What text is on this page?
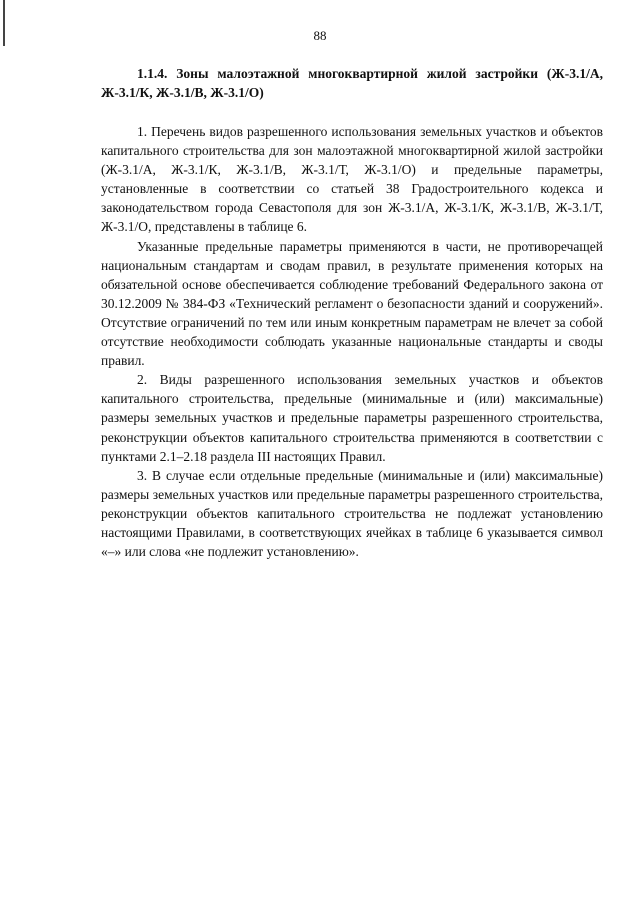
88

1.1.4. Зоны малоэтажной многоквартирной жилой застройки (Ж-3.1/А, Ж-3.1/К, Ж-3.1/В, Ж-3.1/О)

1. Перечень видов разрешенного использования земельных участков и объектов капитального строительства для зон малоэтажной многоквартирной жилой застройки (Ж-3.1/А, Ж-3.1/К, Ж-3.1/В, Ж-3.1/Т, Ж-3.1/О) и предельные параметры, установленные в соответствии со статьей 38 Градостроительного кодекса и законодательством города Севастополя для зон Ж-3.1/А, Ж-3.1/К, Ж-3.1/В, Ж-3.1/Т, Ж-3.1/О, представлены в таблице 6.

Указанные предельные параметры применяются в части, не противоречащей национальным стандартам и сводам правил, в результате применения которых на обязательной основе обеспечивается соблюдение требований Федерального закона от 30.12.2009 № 384-ФЗ «Технический регламент о безопасности зданий и сооружений». Отсутствие ограничений по тем или иным конкретным параметрам не влечет за собой отсутствие необходимости соблюдать указанные национальные стандарты и своды правил.

2. Виды разрешенного использования земельных участков и объектов капитального строительства, предельные (минимальные и (или) максимальные) размеры земельных участков и предельные параметры разрешенного строительства, реконструкции объектов капитального строительства применяются в соответствии с пунктами 2.1–2.18 раздела III настоящих Правил.

3. В случае если отдельные предельные (минимальные и (или) максимальные) размеры земельных участков или предельные параметры разрешенного строительства, реконструкции объектов капитального строительства не подлежат установлению настоящими Правилами, в соответствующих ячейках в таблице 6 указывается символ «–» или слова «не подлежит установлению».
